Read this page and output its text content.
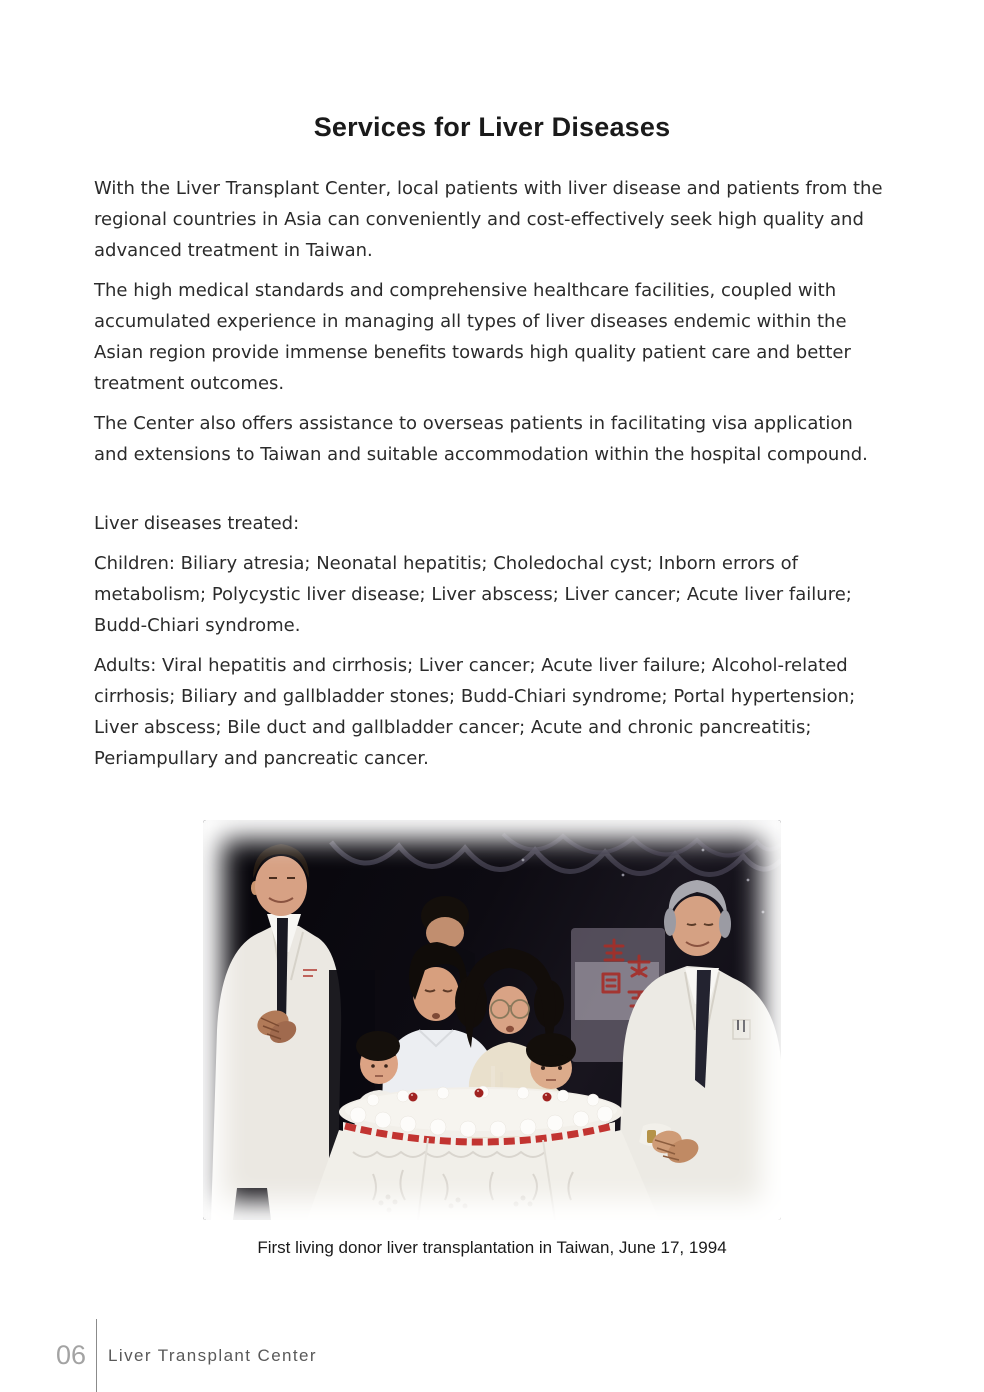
Services for Liver Diseases

With the Liver Transplant Center, local patients with liver disease and patients from the regional countries in Asia can conveniently and cost-effectively seek high quality and advanced treatment in Taiwan.

The high medical standards and comprehensive healthcare facilities, coupled with accumulated experience in managing all types of liver diseases endemic within the Asian region provide immense benefits towards high quality patient care and better treatment outcomes.

The Center also offers assistance to overseas patients in facilitating visa application and extensions to Taiwan and suitable accommodation within the hospital compound.

Liver diseases treated:

Children: Biliary atresia; Neonatal hepatitis; Choledochal cyst; Inborn errors of metabolism; Polycystic liver disease; Liver abscess; Liver cancer; Acute liver failure; Budd-Chiari syndrome.

Adults: Viral hepatitis and cirrhosis; Liver cancer; Acute liver failure; Alcohol-related cirrhosis; Biliary and gallbladder stones; Budd-Chiari syndrome; Portal hypertension; Liver abscess; Bile duct and gallbladder cancer; Acute and chronic pancreatitis; Periampullary and pancreatic cancer.

First living donor liver transplantation in Taiwan, June 17, 1994
06 Liver Transplant Center
